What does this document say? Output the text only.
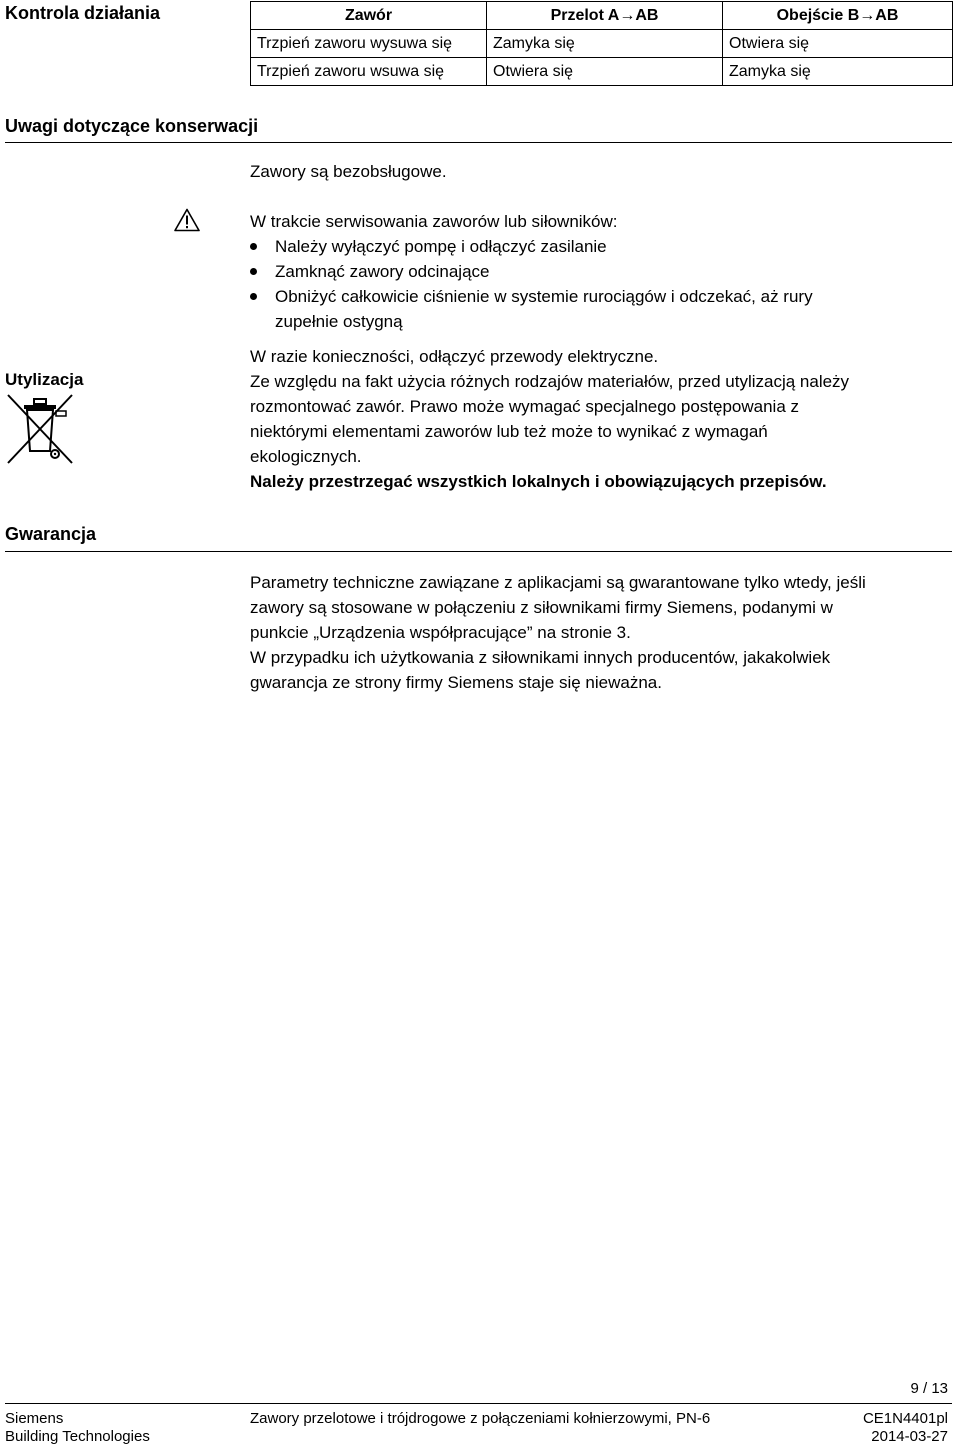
Kontrola działania	Zawór	Przelot A→AB	Obejście B→AB
Trzpień zaworu wysuwa się	Zamyka się	Otwiera się
Trzpień zaworu wsuwa się	Otwiera się	Zamyka się
Uwagi dotyczące konserwacji
Zawory są bezobsługowe.
W trakcie serwisowania zaworów lub siłowników:
Należy wyłączyć pompę i odłączyć zasilanie
Zamknąć zawory odcinające
Obniżyć całkowicie ciśnienie w systemie rurociągów i odczekać, aż rury
zupełnie ostygną
W razie konieczności, odłączyć przewody elektryczne.
Utylizacja	Ze względu na fakt użycia różnych rodzajów materiałów, przed utylizacją należy
rozmontować zawór. Prawo może wymagać specjalnego postępowania z
niektórymi elementami zaworów lub też może to wynikać z wymagań
ekologicznych.
Należy przestrzegać wszystkich lokalnych i obowiązujących przepisów.
Gwarancja
Parametry techniczne zawiązane z aplikacjami są gwarantowane tylko wtedy, jeśli
zawory są stosowane w połączeniu z siłownikami firmy Siemens, podanymi w
punkcie „Urządzenia współpracujące” na stronie 3.
W przypadku ich użytkowania z siłownikami innych producentów, jakakolwiek
gwarancja ze strony firmy Siemens staje się nieważna.
9 / 13
Siemens
Building Technologies
Zawory przelotowe i trójdrogowe z połączeniami kołnierzowymi, PN-6	CE1N4401pl
2014-03-27
